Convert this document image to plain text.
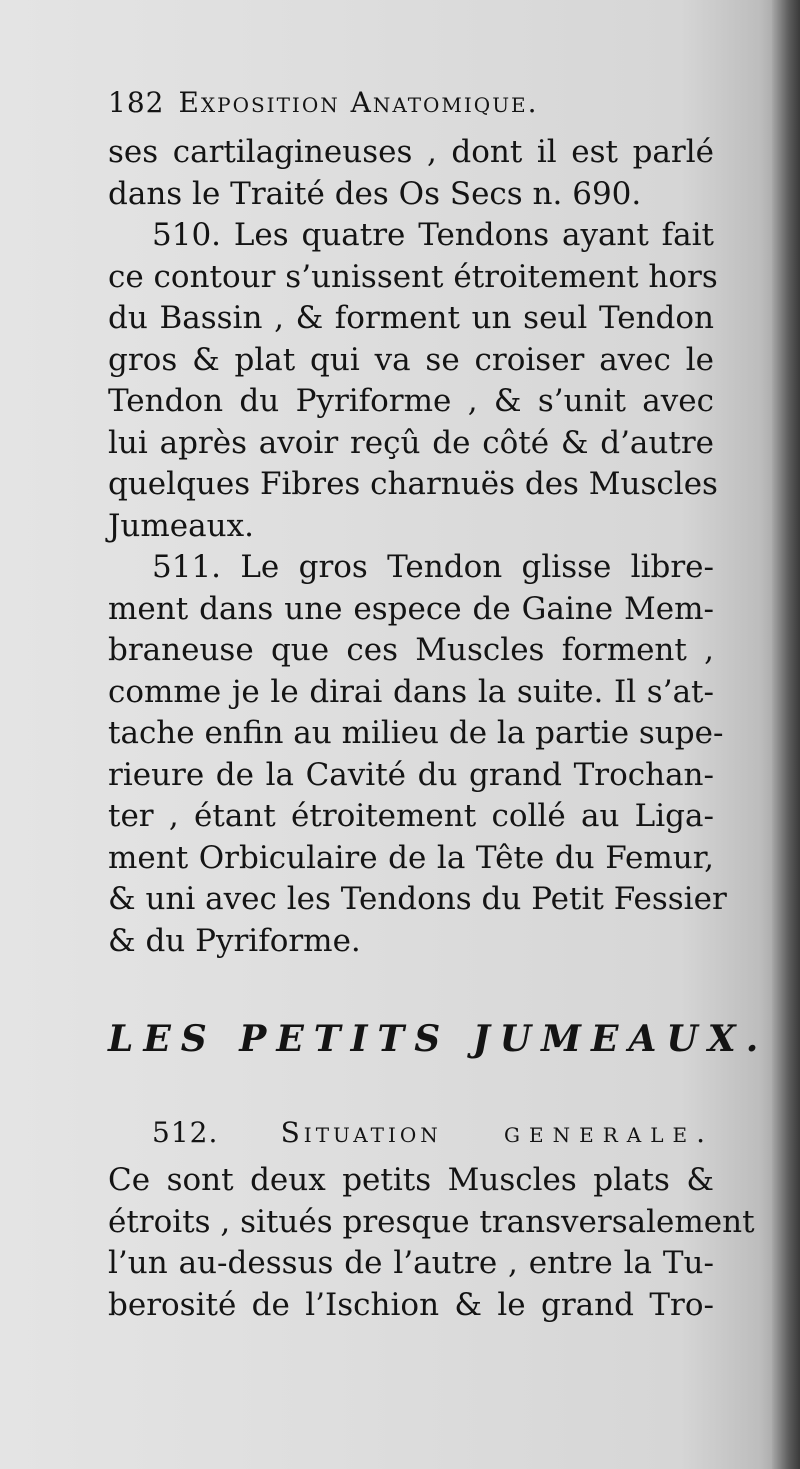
182 Exposition Anatomique.
ses cartilagineuses , dont il est parlé
dans le Traité des Os Secs n. 690.
510. Les quatre Tendons ayant fait
ce contour s’unissent étroitement hors
du Bassin , & forment un seul Tendon
gros & plat qui va se croiser avec le
Tendon du Pyriforme , & s’unit avec
lui après avoir reçû de côté & d’autre
quelques Fibres charnuës des Muscles
Jumeaux.
511. Le gros Tendon glisse libre-
ment dans une espece de Gaine Mem-
braneuse que ces Muscles forment ,
comme je le dirai dans la suite. Il s’at-
tache enfin au milieu de la partie supe-
rieure de la Cavité du grand Trochan-
ter , étant étroitement collé au Liga-
ment Orbiculaire de la Tête du Femur,
& uni avec les Tendons du Petit Fessier
& du Pyriforme.
LES PETITS JUMEAUX.
512. Situation generale.
Ce sont deux petits Muscles plats &
étroits , situés presque transversalement
l’un au-dessus de l’autre , entre la Tu-
berosité de l’Ischion & le grand Tro-
